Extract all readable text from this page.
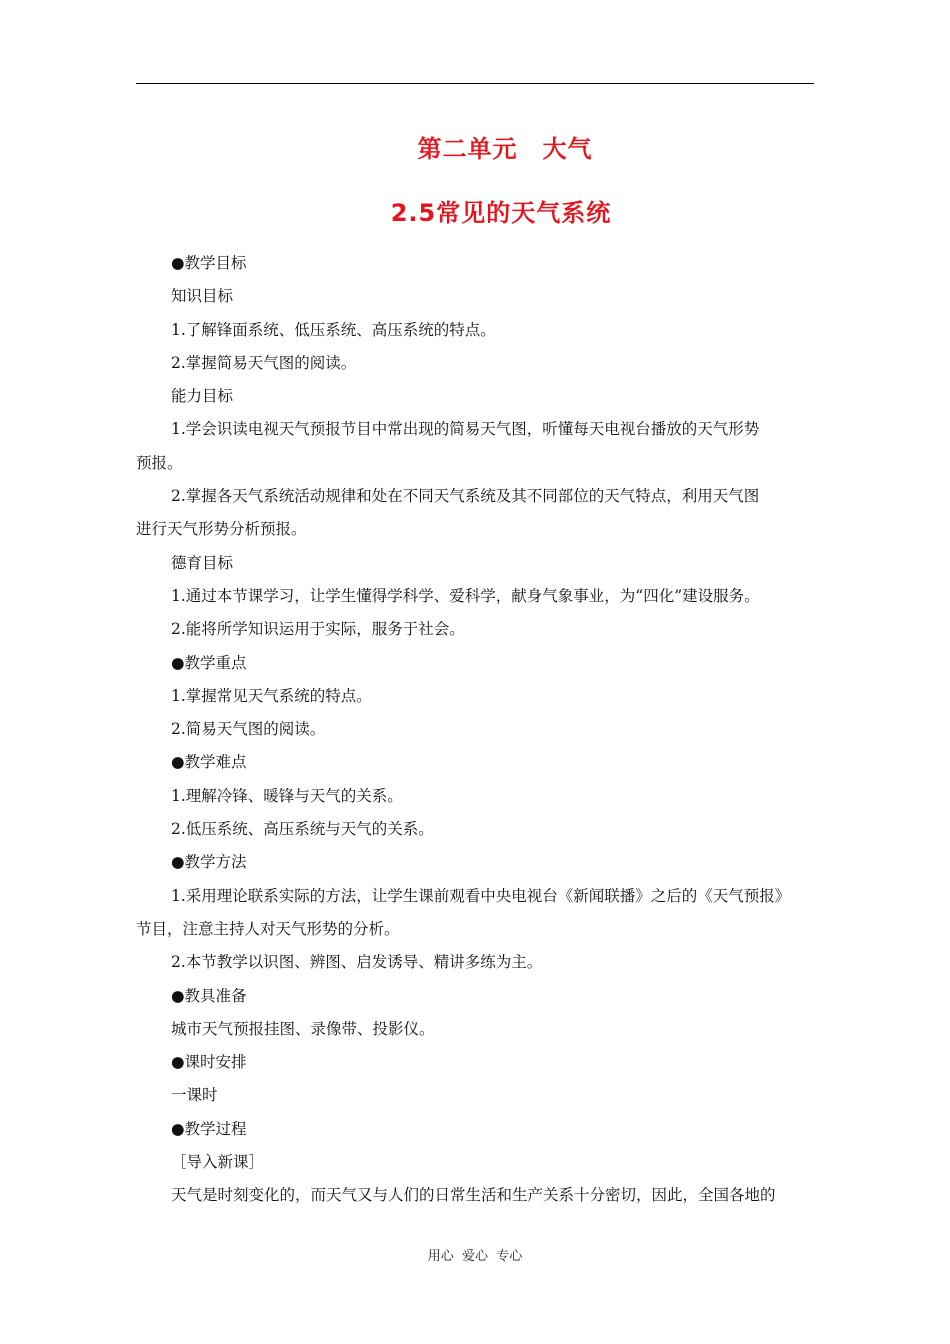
第二单元　大气
2.5常见的天气系统
●教学目标
知识目标
1.了解锋面系统、低压系统、高压系统的特点。
2.掌握简易天气图的阅读。
能力目标
1.学会识读电视天气预报节目中常出现的简易天气图，听懂每天电视台播放的天气形势
预报。
2.掌握各天气系统活动规律和处在不同天气系统及其不同部位的天气特点，利用天气图
进行天气形势分析预报。
德育目标
1.通过本节课学习，让学生懂得学科学、爱科学，献身气象事业，为“四化”建设服务。
2.能将所学知识运用于实际，服务于社会。
●教学重点
1.掌握常见天气系统的特点。
2.简易天气图的阅读。
●教学难点
1.理解冷锋、暖锋与天气的关系。
2.低压系统、高压系统与天气的关系。
●教学方法
1.采用理论联系实际的方法，让学生课前观看中央电视台《新闻联播》之后的《天气预报》
节目，注意主持人对天气形势的分析。
2.本节教学以识图、辨图、启发诱导、精讲多练为主。
●教具准备
城市天气预报挂图、录像带、投影仪。
●课时安排
一课时
●教学过程
［导入新课］
天气是时刻变化的，而天气又与人们的日常生活和生产关系十分密切，因此，全国各地的
用心  爱心  专心
